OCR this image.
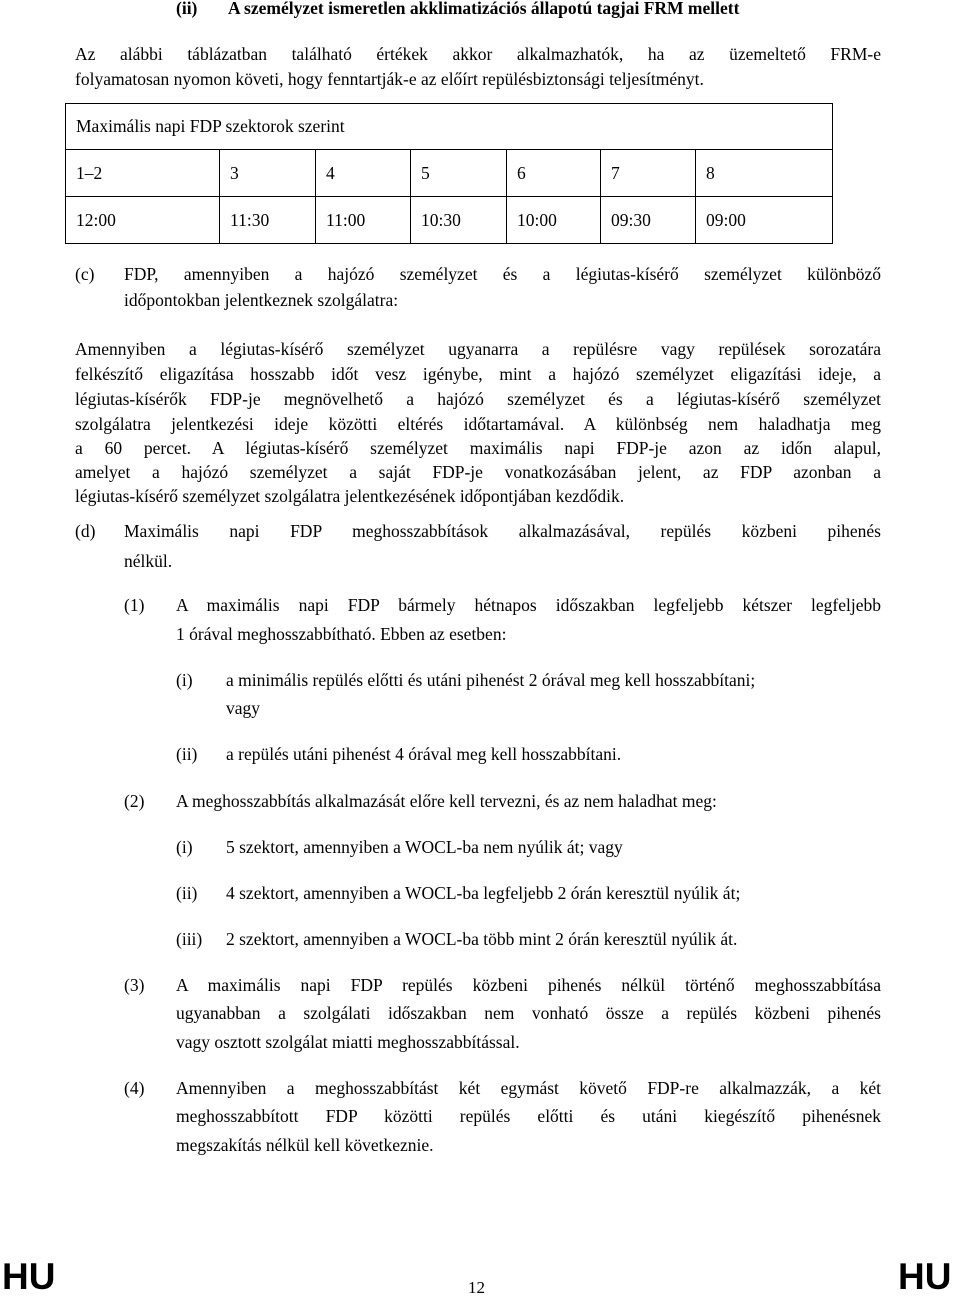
(ii) A személyzet ismeretlen akklimatizációs állapotú tagjai FRM mellett
Az alábbi táblázatban található értékek akkor alkalmazhatók, ha az üzemeltető FRM-e
folyamatosan nyomon követi, hogy fenntartják-e az előírt repülésbiztonsági teljesítményt.
Maximális napi FDP szektorok szerint						
1–2	3	4	5	6	7	8
12:00	11:30	11:00	10:30	10:00	09:30	09:00
(c) FDP, amennyiben a hajózó személyzet és a légiutas-kísérő személyzet különböző
időpontokban jelentkeznek szolgálatra:
Amennyiben a légiutas-kísérő személyzet ugyanarra a repülésre vagy repülések sorozatára
felkészítő eligazítása hosszabb időt vesz igénybe, mint a hajózó személyzet eligazítási ideje, a
légiutas-kísérők FDP-je megnövelhető a hajózó személyzet és a légiutas-kísérő személyzet
szolgálatra jelentkezési ideje közötti eltérés időtartamával. A különbség nem haladhatja meg
a 60 percet. A légiutas-kísérő személyzet maximális napi FDP-je azon az időn alapul,
amelyet a hajózó személyzet a saját FDP-je vonatkozásában jelent, az FDP azonban a
légiutas-kísérő személyzet szolgálatra jelentkezésének időpontjában kezdődik.
(d) Maximális napi FDP meghosszabbítások alkalmazásával, repülés közbeni pihenés
nélkül.
(1) A maximális napi FDP bármely hétnapos időszakban legfeljebb kétszer legfeljebb
1 órával meghosszabbítható. Ebben az esetben:
(i) a minimális repülés előtti és utáni pihenést 2 órával meg kell hosszabbítani;
vagy
(ii) a repülés utáni pihenést 4 órával meg kell hosszabbítani.
(2) A meghosszabbítás alkalmazását előre kell tervezni, és az nem haladhat meg:
(i) 5 szektort, amennyiben a WOCL-ba nem nyúlik át; vagy
(ii) 4 szektort, amennyiben a WOCL-ba legfeljebb 2 órán keresztül nyúlik át;
(iii) 2 szektort, amennyiben a WOCL-ba több mint 2 órán keresztül nyúlik át.
(3) A maximális napi FDP repülés közbeni pihenés nélkül történő meghosszabbítása
ugyanabban a szolgálati időszakban nem vonható össze a repülés közbeni pihenés
vagy osztott szolgálat miatti meghosszabbítással.
(4) Amennyiben a meghosszabbítást két egymást követő FDP-re alkalmazzák, a két
meghosszabbított FDP közötti repülés előtti és utáni kiegészítő pihenésnek
megszakítás nélkül kell következnie.
HU	12	HU
